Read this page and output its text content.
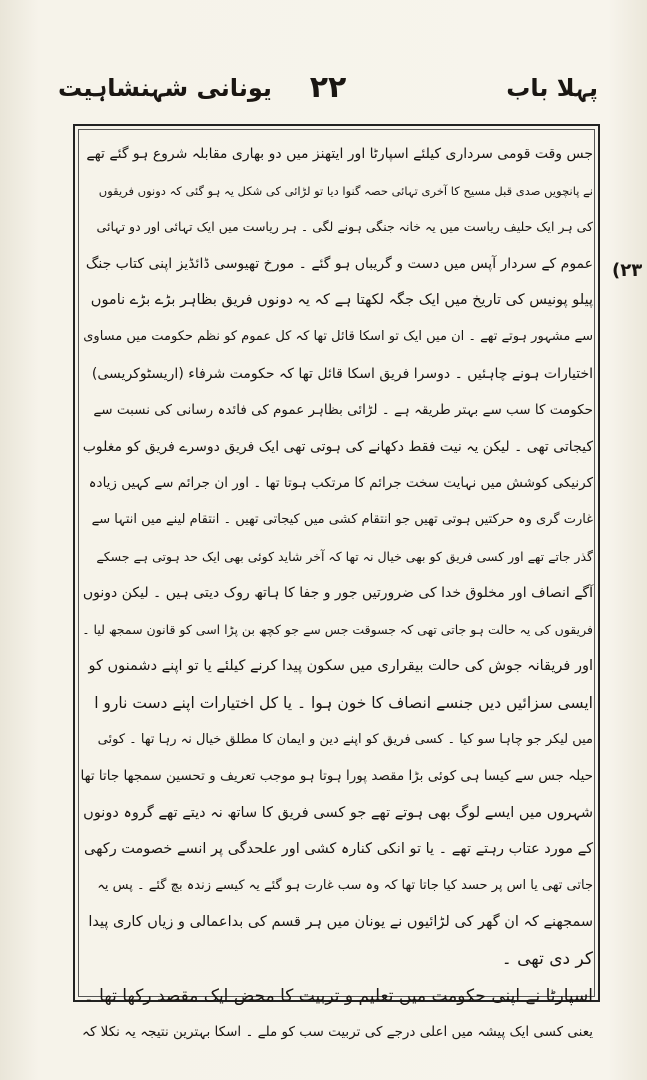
پہلا باب
۲۲
یونانی شہنشاہیت
(۲۳
جس وقت قومی سرداری کیلئے اسپارٹا اور ایتھنز میں دو بھاری مقابلہ شروع ہو گئے تھے
نے پانچویں صدی قبل مسیح کا آخری تہائی حصہ گنوا دیا تو لڑائی کی شکل یہ ہو گئی کہ دونوں فریقوں
کی ہر ایک حلیف ریاست میں یہ خانہ جنگی ہونے لگی ۔ ہر ریاست میں ایک تہائی اور دو تہائی
عموم کے سردار آپس میں دست و گریباں ہو گئے ۔ مورخ تھیوسی ڈائڈیز اپنی کتاب جنگ
پیلو پونیس کی تاریخ میں ایک جگہ لکھتا ہے کہ یہ دونوں فریق بظاہر بڑے بڑے ناموں
سے مشہور ہوتے تھے ۔ ان میں ایک تو اسکا قائل تھا کہ کل عموم کو نظم حکومت میں مساوی
اختیارات ہونے چاہئیں ۔ دوسرا فریق اسکا قائل تھا کہ حکومت شرفاء (اریسٹوکریسی)
حکومت کا سب سے بہتر طریقہ ہے ۔ لڑائی بظاہر عموم کی فائدہ رسانی کی نسبت سے
کیجاتی تھی ۔ لیکن یہ نیت فقط دکھانے کی ہوتی تھی ایک فریق دوسرے فریق کو مغلوب
کرنیکی کوشش میں نہایت سخت جرائم کا مرتکب ہوتا تھا ۔ اور ان جرائم سے کہیں زیادہ
غارت گری وہ حرکتیں ہوتی تھیں جو انتقام کشی میں کیجاتی تھیں ۔ انتقام لینے میں انتہا سے
گذر جاتے تھے اور کسی فریق کو بھی خیال نہ تھا کہ آخر شاید کوئی بھی ایک حد ہوتی ہے جسکے
آگے انصاف اور مخلوق خدا کی ضرورتیں جور و جفا کا ہاتھ روک دیتی ہیں ۔ لیکن دونوں
فریقوں کی یہ حالت ہو جاتی تھی کہ جسوقت جس سے جو کچھ بن پڑا اسی کو قانون سمجھ لیا ۔
اور فریقانہ جوش کی حالت بیقراری میں سکون پیدا کرنے کیلئے یا تو اپنے دشمنوں کو
ایسی سزائیں دیں جنسے انصاف کا خون ہوا ۔ یا کل اختیارات اپنے دست نارو ا
میں لیکر جو چاہا سو کیا ۔ کسی فریق کو اپنے دین و ایمان کا مطلق خیال نہ رہا تھا ۔ کوئی
حیلہ جس سے کیسا ہی کوئی بڑا مقصد پورا ہوتا ہو موجب تعریف و تحسین سمجھا جاتا تھا
شہروں میں ایسے لوگ بھی ہوتے تھے جو کسی فریق کا ساتھ نہ دیتے تھے گروہ دونوں
کے مورد عتاب رہتے تھے ۔ یا تو انکی کنارہ کشی اور علحدگی پر انسے خصومت رکھی
جاتی تھی یا اس پر حسد کیا جاتا تھا کہ وہ سب غارت ہو گئے یہ کیسے زندہ بچ گئے ۔ پس یہ
سمجھنے کہ ان گھر کی لڑائیوں نے یونان میں ہر قسم کی بداعمالی و زیاں کاری پیدا
کر دی تھی ۔
اسپارٹا نے اپنی حکومت میں تعلیم و تربیت کا محض ایک مقصد رکھا تھا ۔
یعنی کسی ایک پیشہ میں اعلی درجے کی تربیت سب کو ملے ۔ اسکا بہترین نتیجہ یہ نکلا کہ
